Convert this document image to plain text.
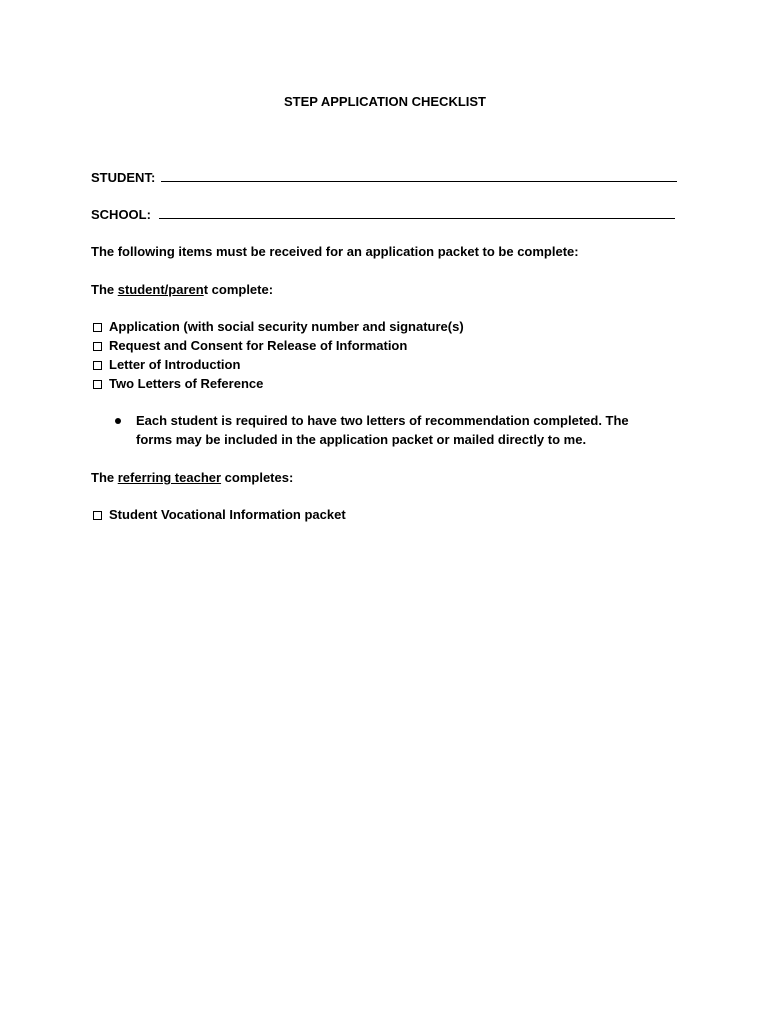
STEP APPLICATION CHECKLIST
STUDENT:
SCHOOL:
The following items must be received for an application packet to be complete:
The student/parent complete:
Application (with social security number and signature(s)
Request and Consent for Release of Information
Letter of Introduction
Two Letters of Reference
Each student is required to have two letters of recommendation completed. The
forms may be included in the application packet or mailed directly to me.
The referring teacher completes:
Student Vocational Information packet
